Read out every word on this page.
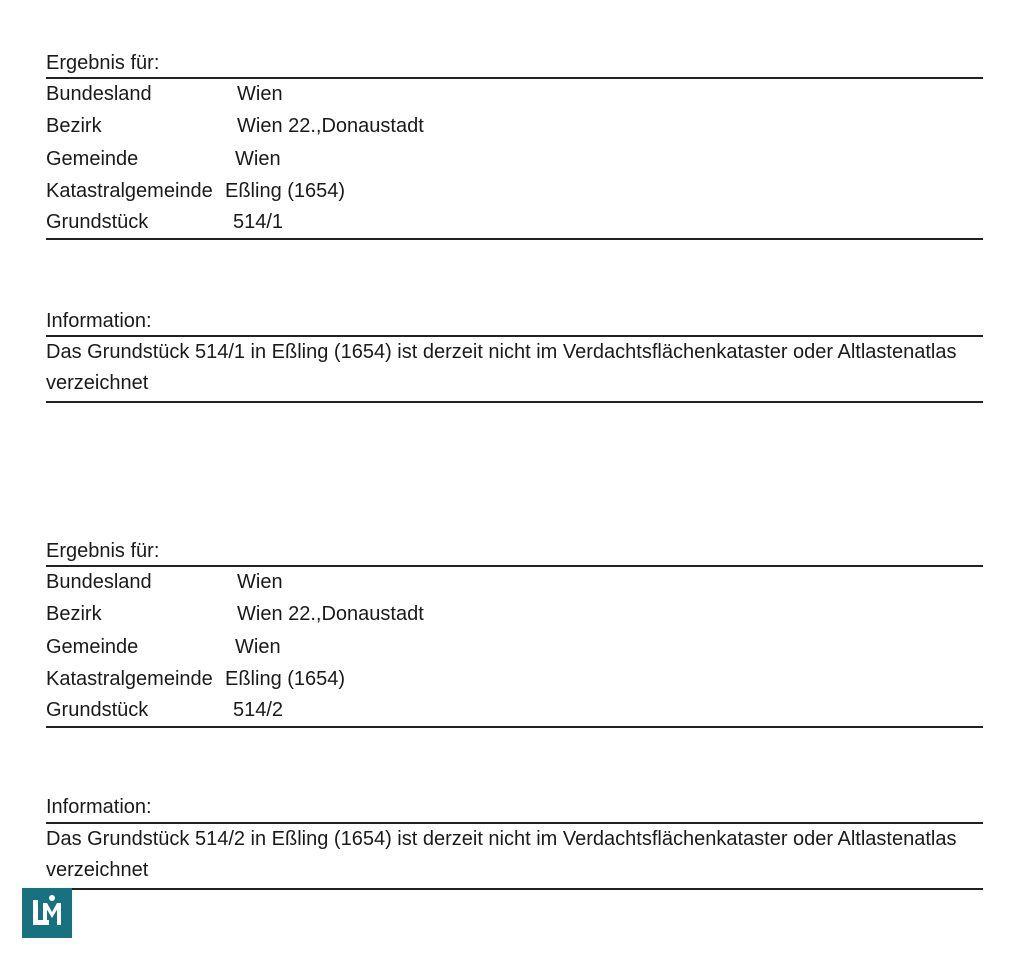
Ergebnis für:
Bundesland	Wien
Bezirk	Wien 22.,Donaustadt
Gemeinde	Wien
Katastralgemeinde Eßling (1654)
Grundstück	514/1
Information:
Das Grundstück 514/1 in Eßling (1654) ist derzeit nicht im Verdachtsflächenkataster oder Altlastenatlas verzeichnet
Ergebnis für:
Bundesland	Wien
Bezirk	Wien 22.,Donaustadt
Gemeinde	Wien
Katastralgemeinde Eßling (1654)
Grundstück	514/2
Information:
Das Grundstück 514/2 in Eßling (1654) ist derzeit nicht im Verdachtsflächenkataster oder Altlastenatlas verzeichnet
